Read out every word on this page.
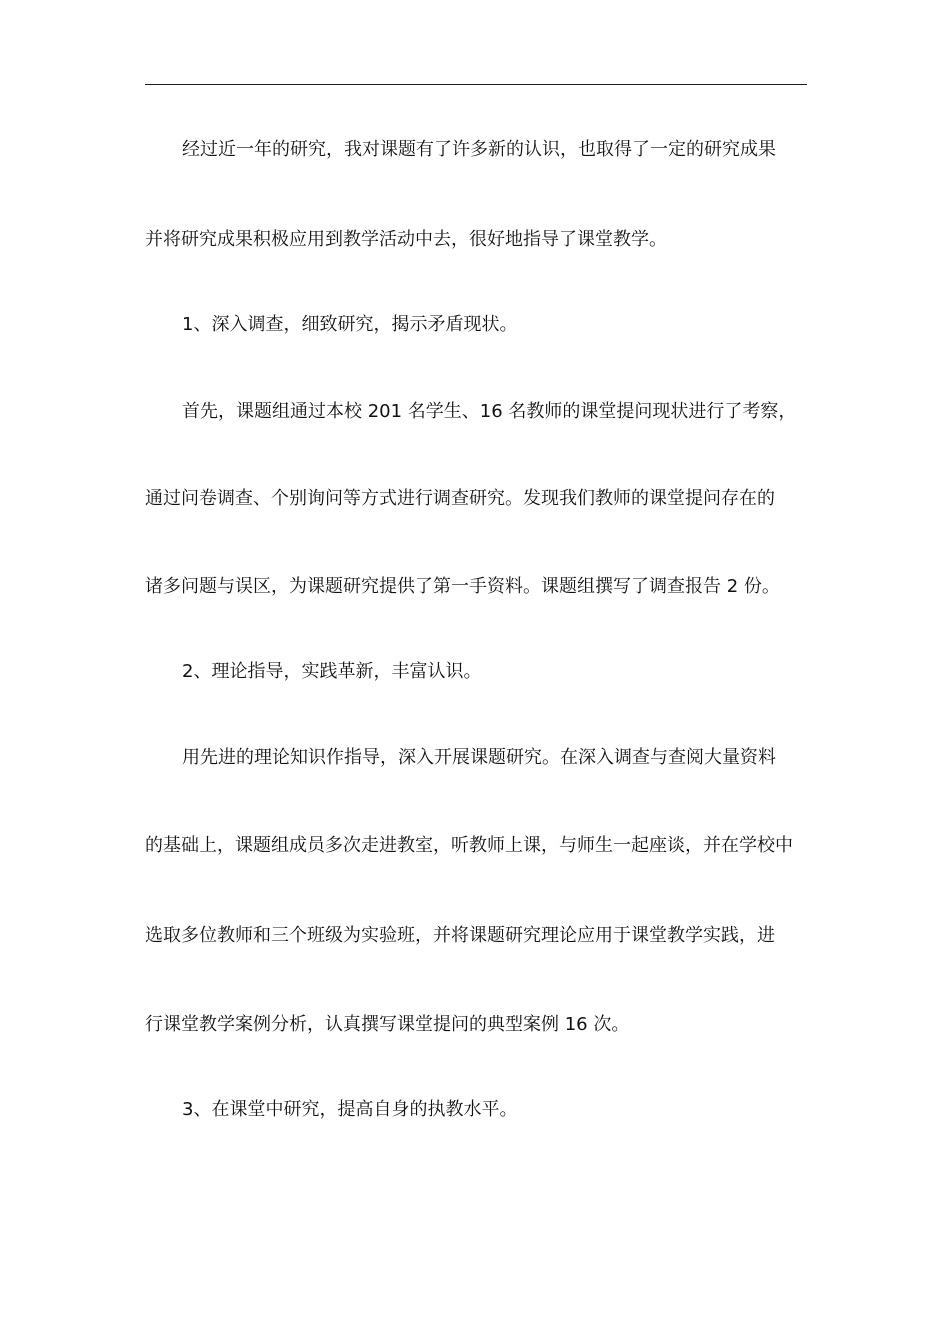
经过近一年的研究，我对课题有了许多新的认识，也取得了一定的研究成果
并将研究成果积极应用到教学活动中去，很好地指导了课堂教学。
1、深入调查，细致研究，揭示矛盾现状。
首先，课题组通过本校 201 名学生、16 名教师的课堂提问现状进行了考察，
通过问卷调查、个别询问等方式进行调查研究。发现我们教师的课堂提问存在的
诸多问题与误区，为课题研究提供了第一手资料。课题组撰写了调查报告 2 份。
2、理论指导，实践革新，丰富认识。
用先进的理论知识作指导，深入开展课题研究。在深入调查与查阅大量资料
的基础上，课题组成员多次走进教室，听教师上课，与师生一起座谈，并在学校中
选取多位教师和三个班级为实验班，并将课题研究理论应用于课堂教学实践，进
行课堂教学案例分析，认真撰写课堂提问的典型案例 16 次。
3、在课堂中研究，提高自身的执教水平。
